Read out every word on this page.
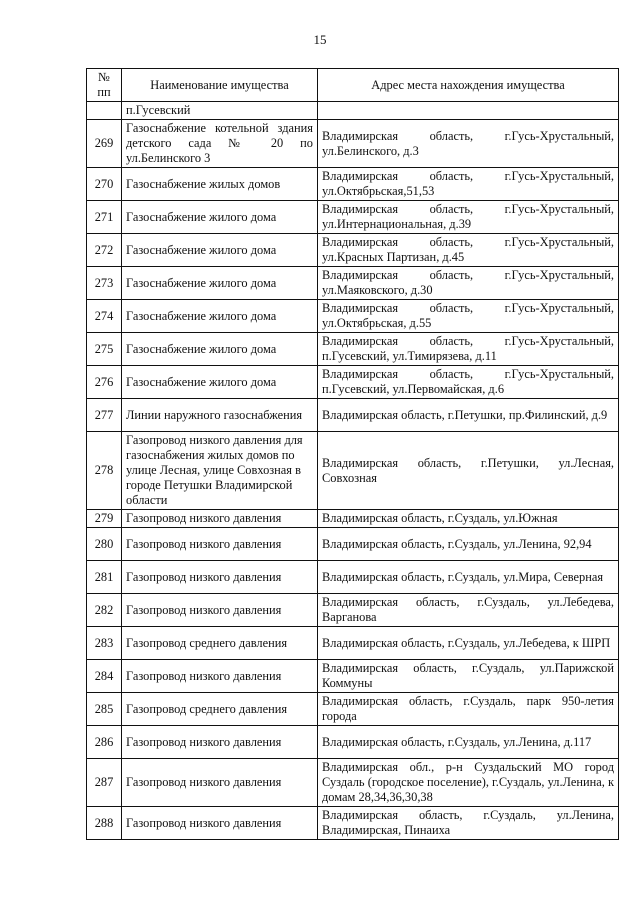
15
№ пп	Наименование имущества	Адрес места нахождения имущества
	п.Гусевский	
269	Газоснабжение котельной здания детского сада № 20 по ул.Белинского 3	Владимирская область, г.Гусь-Хрустальный, ул.Белинского, д.3
270	Газоснабжение жилых домов	Владимирская область, г.Гусь-Хрустальный, ул.Октябрьская,51,53
271	Газоснабжение жилого дома	Владимирская область, г.Гусь-Хрустальный, ул.Интернациональная, д.39
272	Газоснабжение жилого дома	Владимирская область, г.Гусь-Хрустальный, ул.Красных Партизан, д.45
273	Газоснабжение жилого дома	Владимирская область, г.Гусь-Хрустальный, ул.Маяковского, д.30
274	Газоснабжение жилого дома	Владимирская область, г.Гусь-Хрустальный, ул.Октябрьская, д.55
275	Газоснабжение жилого дома	Владимирская область, г.Гусь-Хрустальный, п.Гусевский, ул.Тимирязева, д.11
276	Газоснабжение жилого дома	Владимирская область, г.Гусь-Хрустальный, п.Гусевский, ул.Первомайская, д.6
277	Линии наружного газоснабжения	Владимирская область, г.Петушки, пр.Филинский, д.9
278	Газопровод низкого давления для газоснабжения жилых домов по улице Лесная, улице Совхозная в городе Петушки Владимирской области	Владимирская область, г.Петушки, ул.Лесная, Совхозная
279	Газопровод низкого давления	Владимирская область, г.Суздаль, ул.Южная
280	Газопровод низкого давления	Владимирская область, г.Суздаль, ул.Ленина, 92,94
281	Газопровод низкого давления	Владимирская область, г.Суздаль, ул.Мира, Северная
282	Газопровод низкого давления	Владимирская область, г.Суздаль, ул.Лебедева, Варганова
283	Газопровод среднего давления	Владимирская область, г.Суздаль, ул.Лебедева, к ШРП
284	Газопровод низкого давления	Владимирская область, г.Суздаль, ул.Парижской Коммуны
285	Газопровод среднего давления	Владимирская область, г.Суздаль, парк 950-летия города
286	Газопровод низкого давления	Владимирская область, г.Суздаль, ул.Ленина, д.117
287	Газопровод низкого давления	Владимирская обл., р-н Суздальский МО город Суздаль (городское поселение), г.Суздаль, ул.Ленина, к домам 28,34,36,30,38
288	Газопровод низкого давления	Владимирская область, г.Суздаль, ул.Ленина, Владимирская, Пинаиха
